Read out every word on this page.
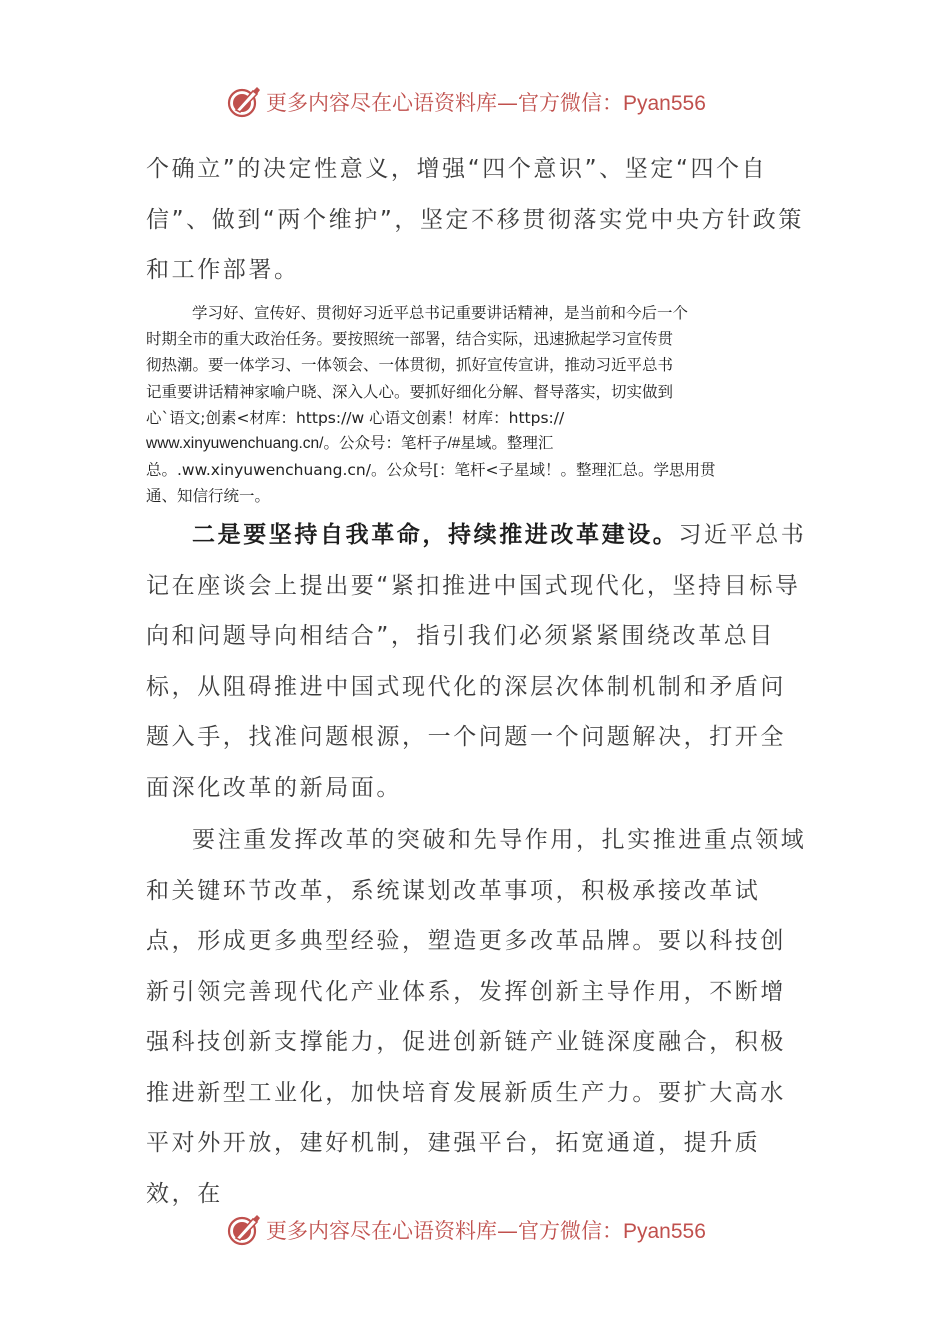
更多内容尽在心语资料库—官方微信：Pyan556

个确立”的决定性意义，增强“四个意识”、坚定“四个自信”、做到“两个维护”，坚定不移贯彻落实党中央方针政策和工作部署。

学习好、宣传好、贯彻好习近平总书记重要讲话精神，是当前和今后一个
时期全市的重大政治任务。要按照统一部署，结合实际，迅速掀起学习宣传贯
彻热潮。要一体学习、一体领会、一体贯彻，抓好宣传宣讲，推动习近平总书
记重要讲话精神家喻户晓、深入人心。要抓好细化分解、督导落实，切实做到
心`语文;创素<材库：https://w 心语文创素！材库：https://
www.xinyuwenchuang.cn/。公众号：笔杆子/#星域。整理汇
总。.ww.xinyuwenchuang.cn/。公众号[：笔杆<子星域！。整理汇总。学思用贯
通、知信行统一。

二是要坚持自我革命，持续推进改革建设。习近平总书记在座谈会上提出要“紧扣推进中国式现代化，坚持目标导向和问题导向相结合”，指引我们必须紧紧围绕改革总目标，从阻碍推进中国式现代化的深层次体制机制和矛盾问题入手，找准问题根源，一个问题一个问题解决，打开全面深化改革的新局面。

要注重发挥改革的突破和先导作用，扎实推进重点领域和关键环节改革，系统谋划改革事项，积极承接改革试点，形成更多典型经验，塑造更多改革品牌。要以科技创新引领完善现代化产业体系，发挥创新主导作用，不断增强科技创新支撑能力，促进创新链产业链深度融合，积极推进新型工业化，加快培育发展新质生产力。要扩大高水平对外开放，建好机制，建强平台，拓宽通道，提升质效，在

更多内容尽在心语资料库—官方微信：Pyan556
